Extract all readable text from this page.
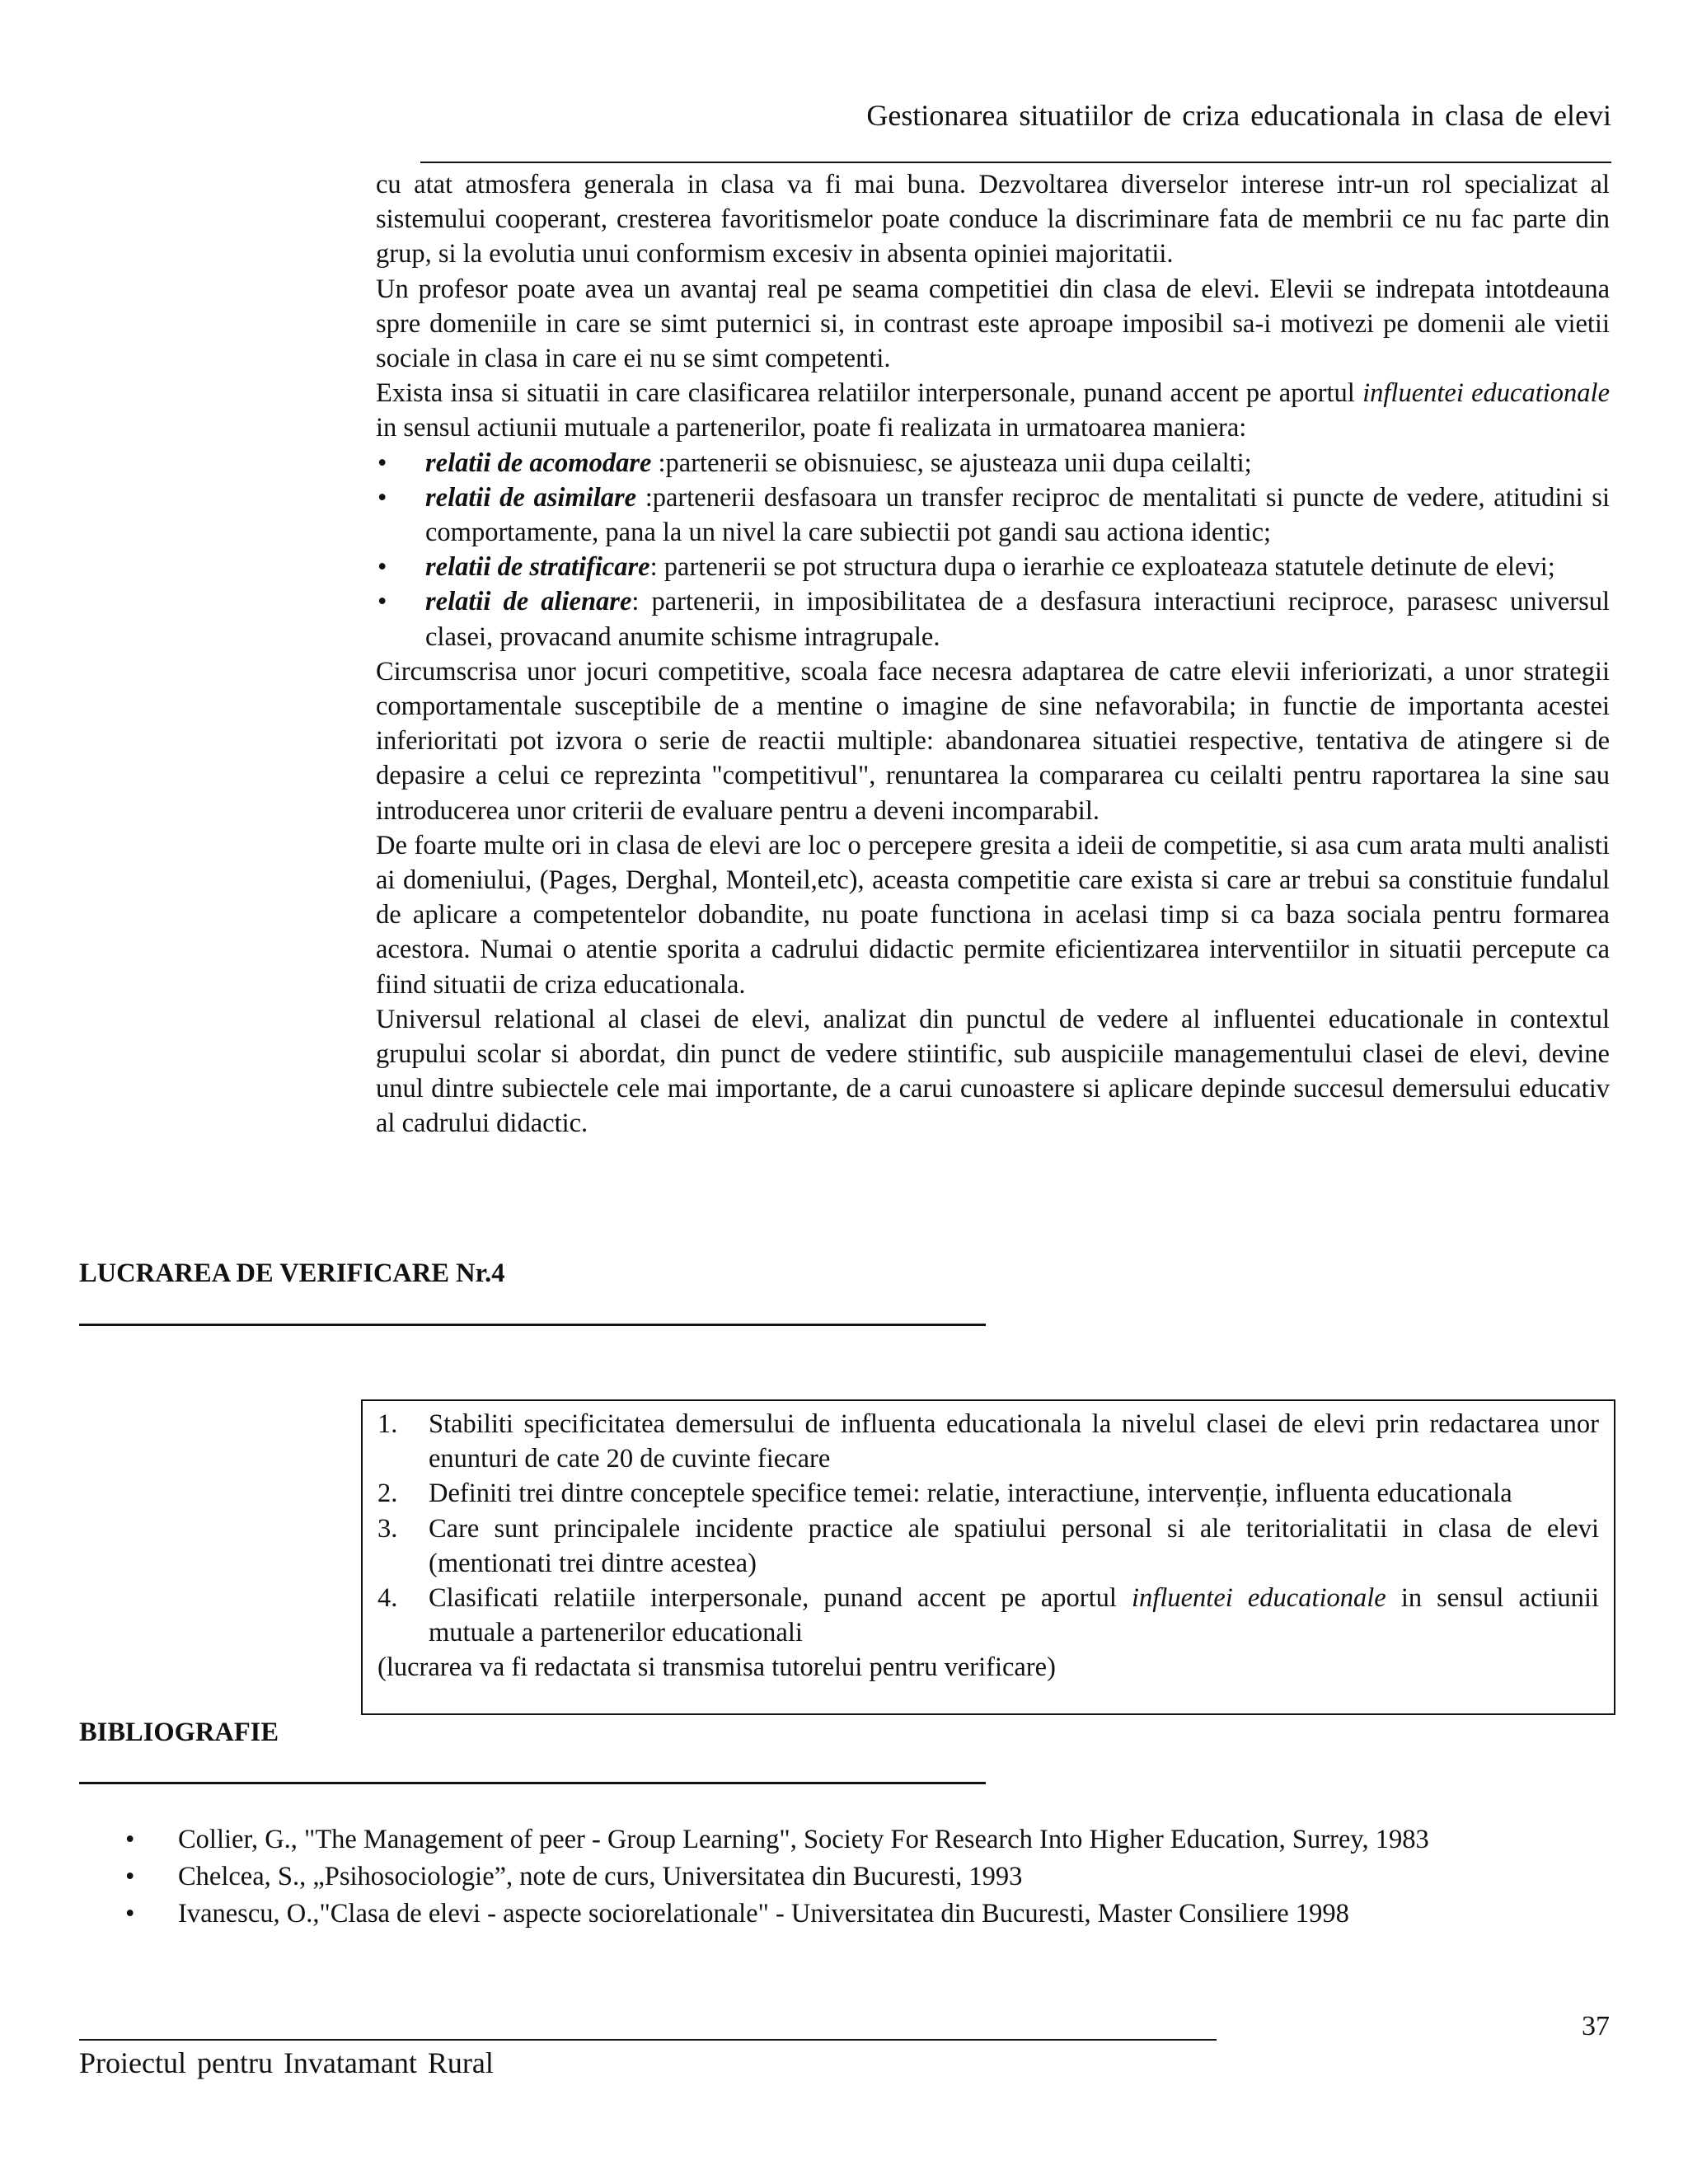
Gestionarea situatiilor de criza educationala in clasa de elevi

cu atat atmosfera generala in clasa va fi mai buna. Dezvoltarea diverselor interese intr-un rol specializat al sistemului cooperant, cresterea favoritismelor poate conduce la discriminare fata de membrii ce nu fac parte din grup, si la evolutia unui conformism excesiv in absenta opiniei majoritatii.

Un profesor poate avea un avantaj real pe seama competitiei din clasa de elevi. Elevii se indrepata intotdeauna spre domeniile in care se simt puternici si, in contrast este aproape imposibil sa-i motivezi pe domenii ale vietii sociale in clasa in care ei nu se simt competenti.

Exista insa si situatii in care clasificarea relatiilor interpersonale, punand accent pe aportul influentei educationale in sensul actiunii mutuale a partenerilor, poate fi realizata in urmatoarea maniera:

• relatii de acomodare :partenerii se obisnuiesc, se ajusteaza unii dupa ceilalti;
• relatii de asimilare :partenerii desfasoara un transfer reciproc de mentalitati si puncte de vedere, atitudini si comportamente, pana la un nivel la care subiectii pot gandi sau actiona identic;
• relatii de stratificare: partenerii se pot structura dupa o ierarhie ce exploateaza statutele detinute de elevi;
• relatii de alienare: partenerii, in imposibilitatea de a desfasura interactiuni reciproce, parasesc universul clasei, provacand anumite schisme intragrupale.

Circumscrisa unor jocuri competitive, scoala face necesra adaptarea de catre elevii inferiorizati, a unor strategii comportamentale susceptibile de a mentine o imagine de sine nefavorabila; in functie de importanta acestei inferioritati pot izvora o serie de reactii multiple: abandonarea situatiei respective, tentativa de atingere si de depasire a celui ce reprezinta "competitivul", renuntarea la compararea cu ceilalti pentru raportarea la sine sau introducerea unor criterii de evaluare pentru a deveni incomparabil.

De foarte multe ori in clasa de elevi are loc o percepere gresita a ideii de competitie, si asa cum arata multi analisti ai domeniului, (Pages, Derghal, Monteil,etc), aceasta competitie care exista si care ar trebui sa constituie fundalul de aplicare a competentelor dobandite, nu poate functiona in acelasi timp si ca baza sociala pentru formarea acestora. Numai o atentie sporita a cadrului didactic permite eficientizarea interventiilor in situatii percepute ca fiind situatii de criza educationala.

Universul relational al clasei de elevi, analizat din punctul de vedere al influentei educationale in contextul grupului scolar si abordat, din punct de vedere stiintific, sub auspiciile managementului clasei de elevi, devine unul dintre subiectele cele mai importante, de a carui cunoastere si aplicare depinde succesul demersului educativ al cadrului didactic.

LUCRAREA DE VERIFICARE Nr.4
1. Stabiliti specificitatea demersului de influenta educationala la nivelul clasei de elevi prin redactarea unor enunturi de cate 20 de cuvinte fiecare
2. Definiti trei dintre conceptele specifice temei: relatie, interactiune, intervenție, influenta educationala
3. Care sunt principalele incidente practice ale spatiului personal si ale teritorialitatii in clasa de elevi (mentionati trei dintre acestea)
4. Clasificati relatiile interpersonale, punand accent pe aportul influentei educationale in sensul actiunii mutuale a partenerilor educationali

(lucrarea va fi redactata si transmisa tutorelui pentru verificare)

BIBLIOGRAFIE
• Collier, G., "The Management of peer - Group Learning", Society For Research Into Higher Education, Surrey, 1983
• Chelcea, S., „Psihosociologie”, note de curs, Universitatea din Bucuresti, 1993
• Ivanescu, O.,"Clasa de elevi - aspecte sociorelationale" - Universitatea din Bucuresti, Master Consiliere 1998
37
Proiectul pentru Invatamant Rural
